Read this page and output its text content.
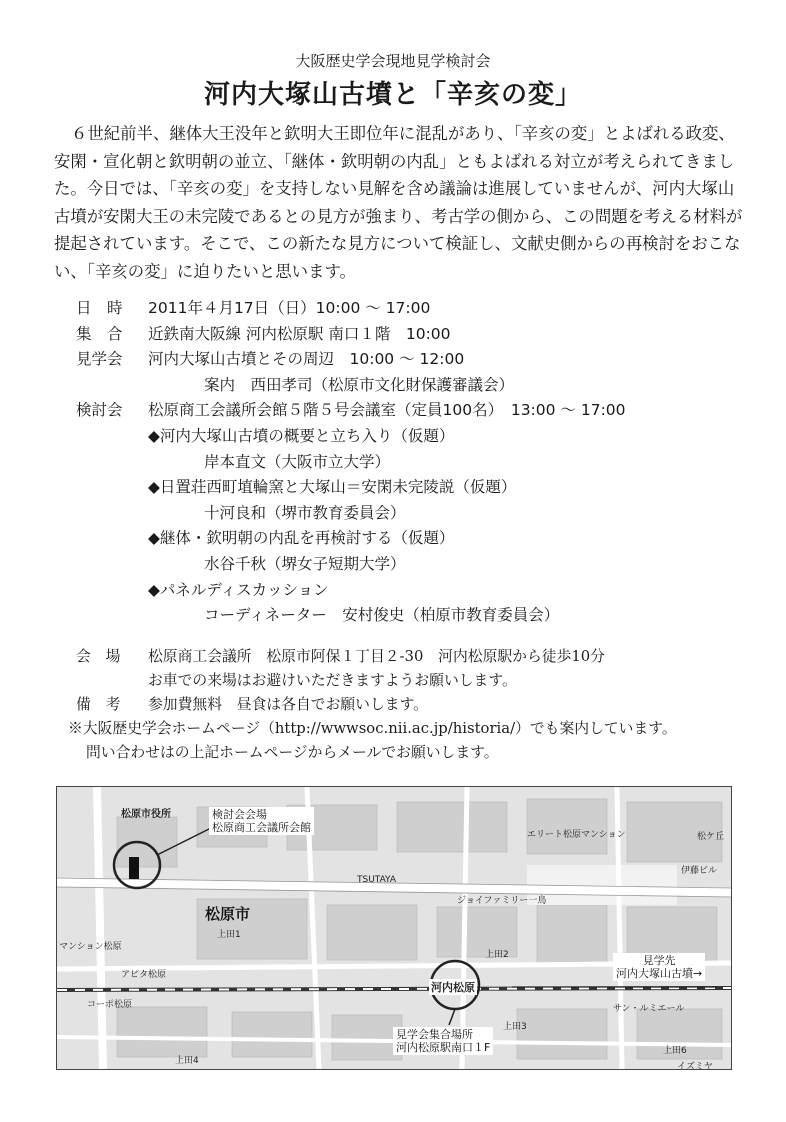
大阪歴史学会現地見学検討会
河内大塚山古墳と「辛亥の変」
６世紀前半、継体大王没年と欽明大王即位年に混乱があり、「辛亥の変」とよばれる政変、安閑・宣化朝と欽明朝の並立、「継体・欽明朝の内乱」ともよばれる対立が考えられてきました。今日では、「辛亥の変」を支持しない見解を含め議論は進展していませんが、河内大塚山古墳が安閑大王の未完陵であるとの見方が強まり、考古学の側から、この問題を考える材料が提起されています。そこで、この新たな見方について検証し、文献史側からの再検討をおこない、「辛亥の変」に迫りたいと思います。
日　時	2011年４月17日（日）10:00 ～ 17:00
集　合	近鉄南大阪線 河内松原駅 南口１階　10:00
見学会	河内大塚山古墳とその周辺　10:00 ～ 12:00
案内　西田孝司（松原市文化財保護審議会）
検討会	松原商工会議所会館５階５号会議室（定員100名）　13:00 ～ 17:00
◆河内大塚山古墳の概要と立ち入り（仮題）
岸本直文（大阪市立大学）
◆日置荘西町埴輪窯と大塚山＝安閑未完陵説（仮題）
十河良和（堺市教育委員会）
◆継体・欽明朝の内乱を再検討する（仮題）
水谷千秋（堺女子短期大学）
◆パネルディスカッション
コーディネーター　安村俊史（柏原市教育委員会）
会　場 松原商工会議所　松原市阿保１丁目２-30　河内松原駅から徒歩10分
お車での来場はお避けいただきますようお願いします。
備　考 参加費無料　昼食は各自でお願いします。
※大阪歴史学会ホームページ（http://wwwsoc.nii.ac.jp/historia/）でも案内しています。
問い合わせはの上記ホームページからメールでお願いします。
検討会会場
松原商工会議所会館
見学会集合場所
河内松原駅南口１F
見学先
河内大塚山古墳→
松原市役所
松原市
河内松原
TSUTAYA
ジョイファミリー一鳥
アピタ松原
上田1
上田2
上田3
上田4
上田6
マンション松原
サン・ルミエール
コーポ松原
イズミヤ
松ケ丘
エリート松原マンション
伊藤ビル
